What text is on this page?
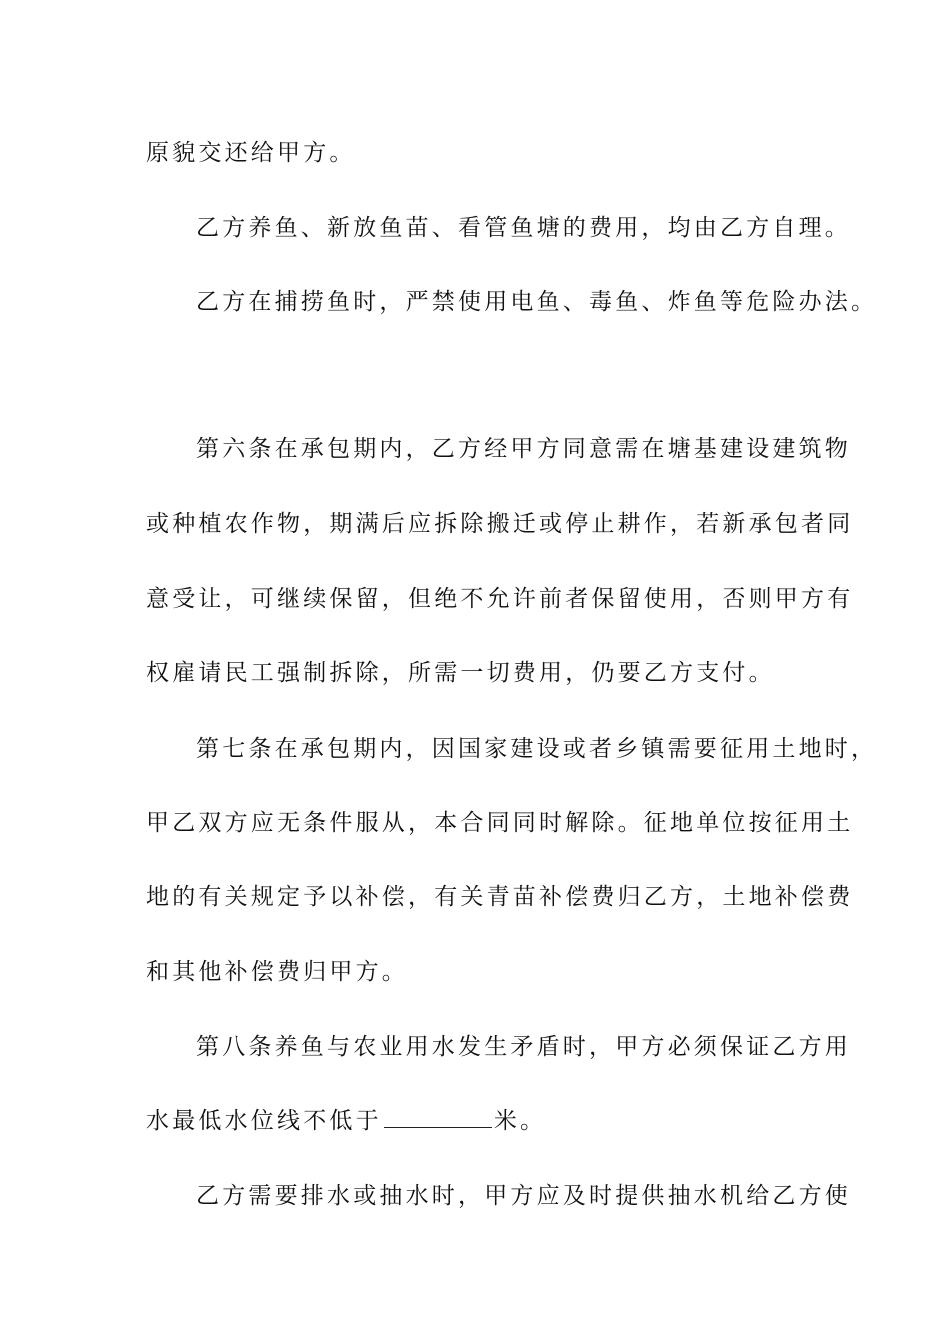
原貌交还给甲方。
乙方养鱼、新放鱼苗、看管鱼塘的费用，均由乙方自理。
乙方在捕捞鱼时，严禁使用电鱼、毒鱼、炸鱼等危险办法。
第六条在承包期内，乙方经甲方同意需在塘基建设建筑物
或种植农作物，期满后应拆除搬迁或停止耕作，若新承包者同
意受让，可继续保留，但绝不允许前者保留使用，否则甲方有
权雇请民工强制拆除，所需一切费用，仍要乙方支付。
第七条在承包期内，因国家建设或者乡镇需要征用土地时，
甲乙双方应无条件服从，本合同同时解除。征地单位按征用土
地的有关规定予以补偿，有关青苗补偿费归乙方，土地补偿费
和其他补偿费归甲方。
第八条养鱼与农业用水发生矛盾时，甲方必须保证乙方用
水最低水位线不低于	米。
乙方需要排水或抽水时，甲方应及时提供抽水机给乙方使
